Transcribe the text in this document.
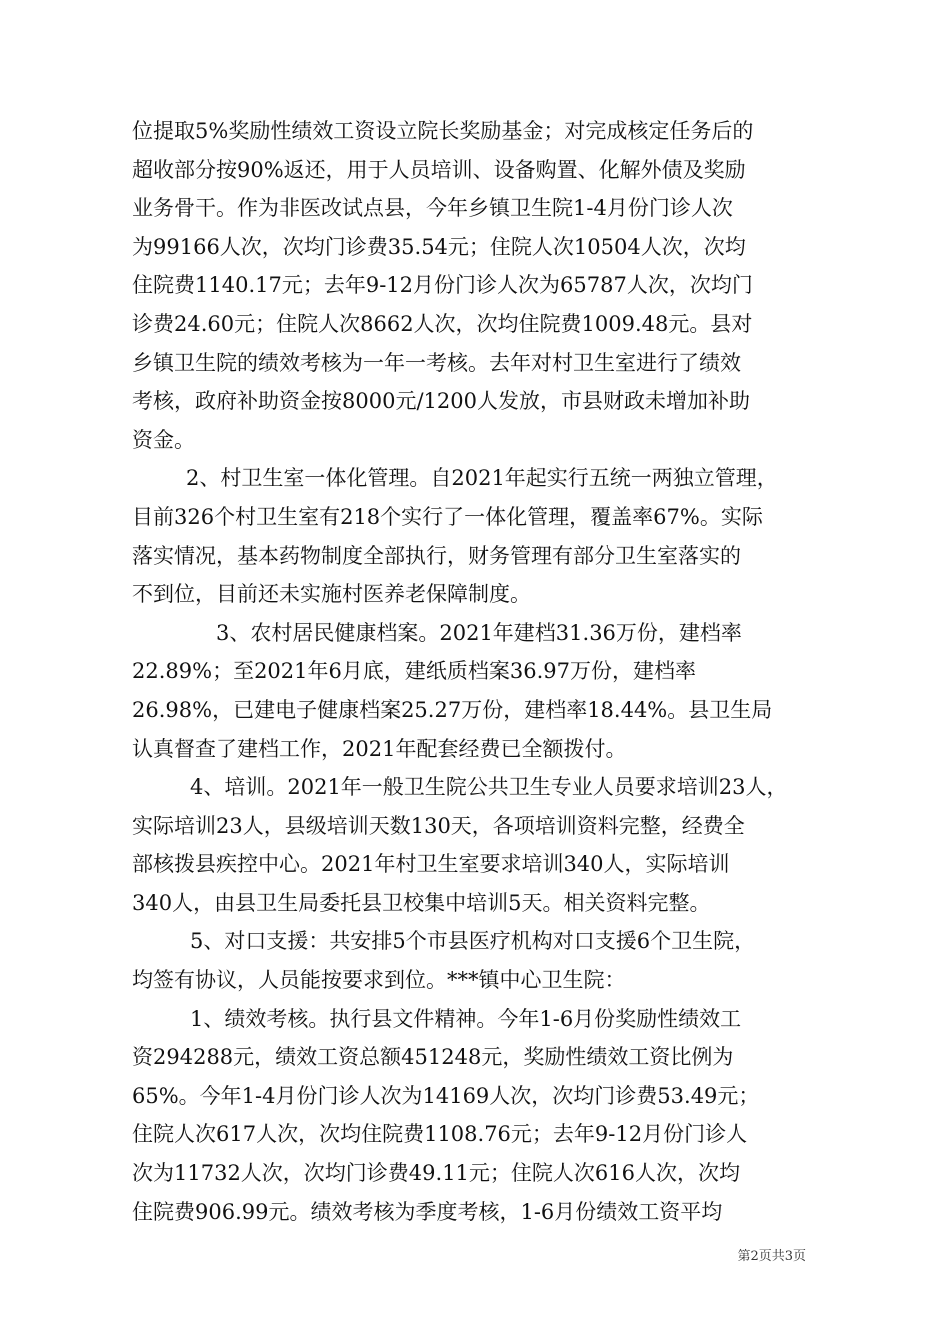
位提取5%奖励性绩效工资设立院长奖励基金；对完成核定任务后的
超收部分按90%返还，用于人员培训、设备购置、化解外债及奖励
业务骨干。作为非医改试点县，今年乡镇卫生院1-4月份门诊人次
为99166人次，次均门诊费35.54元；住院人次10504人次，次均
住院费1140.17元；去年9-12月份门诊人次为65787人次，次均门
诊费24.60元；住院人次8662人次，次均住院费1009.48元。县对
乡镇卫生院的绩效考核为一年一考核。去年对村卫生室进行了绩效
考核，政府补助资金按8000元/1200人发放，市县财政未增加补助
资金。
2、村卫生室一体化管理。自2021年起实行五统一两独立管理，
目前326个村卫生室有218个实行了一体化管理，覆盖率67%。实际
落实情况，基本药物制度全部执行，财务管理有部分卫生室落实的
不到位，目前还未实施村医养老保障制度。
3、农村居民健康档案。2021年建档31.36万份，建档率
22.89%；至2021年6月底，建纸质档案36.97万份，建档率
26.98%，已建电子健康档案25.27万份，建档率18.44%。县卫生局
认真督查了建档工作，2021年配套经费已全额拨付。
4、培训。2021年一般卫生院公共卫生专业人员要求培训23人，
实际培训23人，县级培训天数130天，各项培训资料完整，经费全
部核拨县疾控中心。2021年村卫生室要求培训340人，实际培训
340人，由县卫生局委托县卫校集中培训5天。相关资料完整。
5、对口支援：共安排5个市县医疗机构对口支援6个卫生院，
均签有协议，人员能按要求到位。***镇中心卫生院：
1、绩效考核。执行县文件精神。今年1-6月份奖励性绩效工
资294288元，绩效工资总额451248元，奖励性绩效工资比例为
65%。今年1-4月份门诊人次为14169人次，次均门诊费53.49元；
住院人次617人次，次均住院费1108.76元；去年9-12月份门诊人
次为11732人次，次均门诊费49.11元；住院人次616人次，次均
住院费906.99元。绩效考核为季度考核，1-6月份绩效工资平均
第2页共3页
